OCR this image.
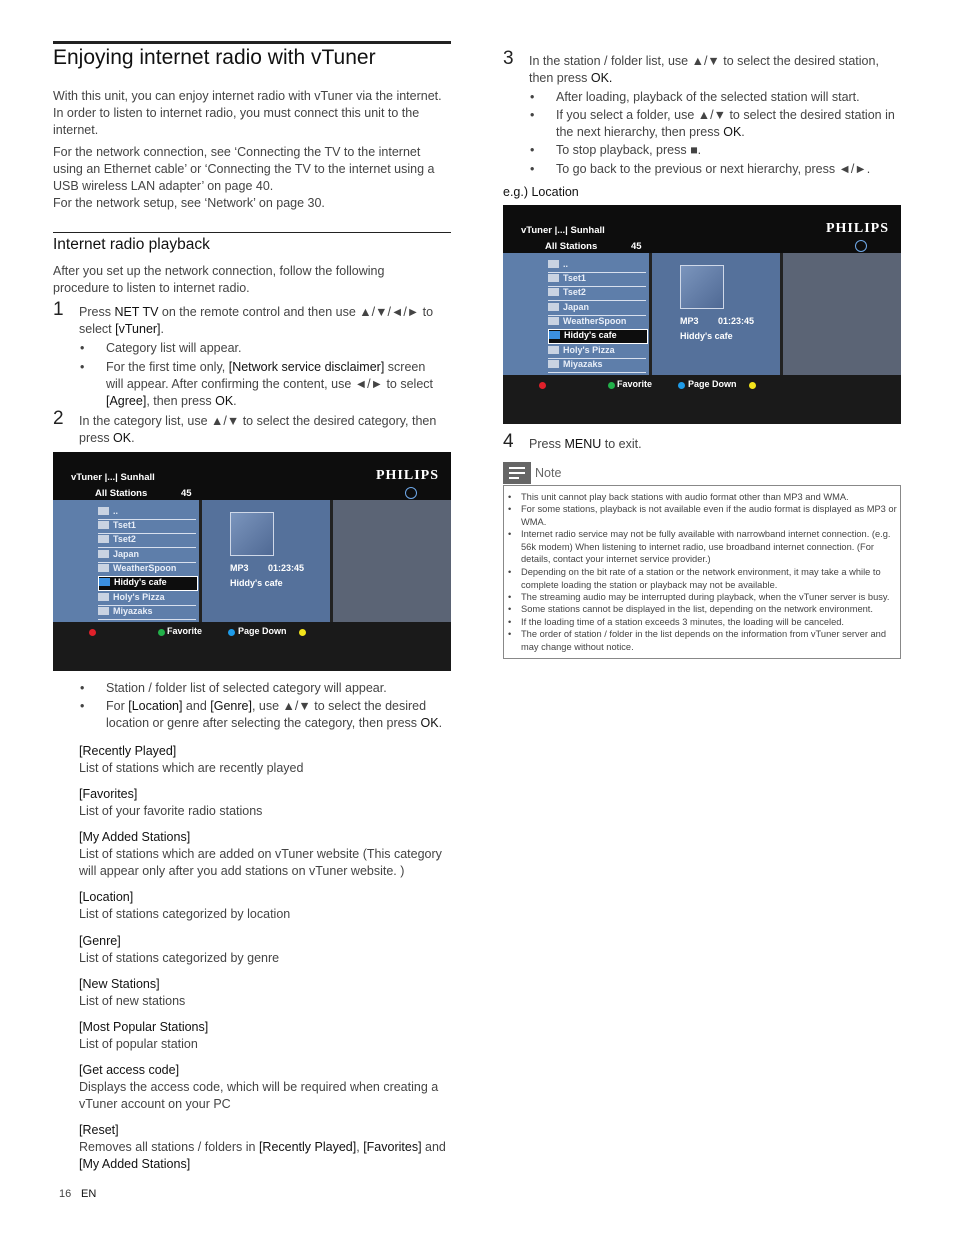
Enjoying internet radio with vTuner

With this unit, you can enjoy internet radio with vTuner via the internet. In order to listen to internet radio, you must connect this unit to the internet.

For the network connection, see ‘Connecting the TV to the internet using an Ethernet cable’ or ‘Connecting the TV to the internet using a USB wireless LAN adapter’ on page 40.

For the network setup, see ‘Network’ on page 30.

Internet radio playback

After you set up the network connection, follow the following procedure to listen to internet radio.

1 Press NET TV on the remote control and then use ▲/▼/◄/► to select [vTuner].

• Category list will appear.
• For the first time only, [Network service disclaimer] screen will appear. After confirming the content, use ◄/► to select [Agree], then press OK.
2 In the category list, use ▲/▼ to select the desired category, then press OK.

vTuner |...| Sunhall	PHILIPS
All Stations	45
MP3 01:23:45
Hiddy's cafe
..
Tset1
Tset2
Japan
WeatherSpoon
Hiddy's cafe
Holy's Pizza
Miyazaks
Favorite	Page Down
• Station / folder list of selected category will appear.
• For [Location] and [Genre], use ▲/▼ to select the desired location or genre after selecting the category, then press OK.
[Recently Played]
List of stations which are recently played
[Favorites]
List of your favorite radio stations
[My Added Stations]
List of stations which are added on vTuner website (This category will appear only after you add stations on vTuner website. )
[Location]
List of stations categorized by location
[Genre]
List of stations categorized by genre
[New Stations]
List of new stations
[Most Popular Stations]
List of popular station
[Get access code]
Displays the access code, which will be required when creating a vTuner account on your PC
[Reset]
Removes all stations / folders in [Recently Played], [Favorites] and [My Added Stations]
3 In the station / folder list, use ▲/▼ to select the desired station, then press OK.

• After loading, playback of the selected station will start.
• If you select a folder, use ▲/▼ to select the desired station in the next hierarchy, then press OK.
• To stop playback, press ■.
• To go back to the previous or next hierarchy, press ◄/►.
e.g.) Location
vTuner |...| Sunhall	PHILIPS
All Stations	45
MP3 01:23:45
Hiddy's cafe
..
Tset1
Tset2
Japan
WeatherSpoon
Hiddy's cafe
Holy's Pizza
Miyazaks
Favorite	Page Down
4 Press MENU to exit.

Note
• This unit cannot play back stations with audio format other than MP3 and WMA.
• For some stations, playback is not available even if the audio format is displayed as MP3 or WMA.
• Internet radio service may not be fully available with narrowband internet connection. (e.g. 56k modem) When listening to internet radio, use broadband internet connection. (For details, contact your internet service provider.)
• Depending on the bit rate of a station or the network environment, it may take a while to complete loading the station or playback may not be available.
• The streaming audio may be interrupted during playback, when the vTuner server is busy.
• Some stations cannot be displayed in the list, depending on the network environment.
• If the loading time of a station exceeds 3 minutes, the loading will be canceled.
• The order of station / folder in the list depends on the information from vTuner server and may change without notice.
16 EN
